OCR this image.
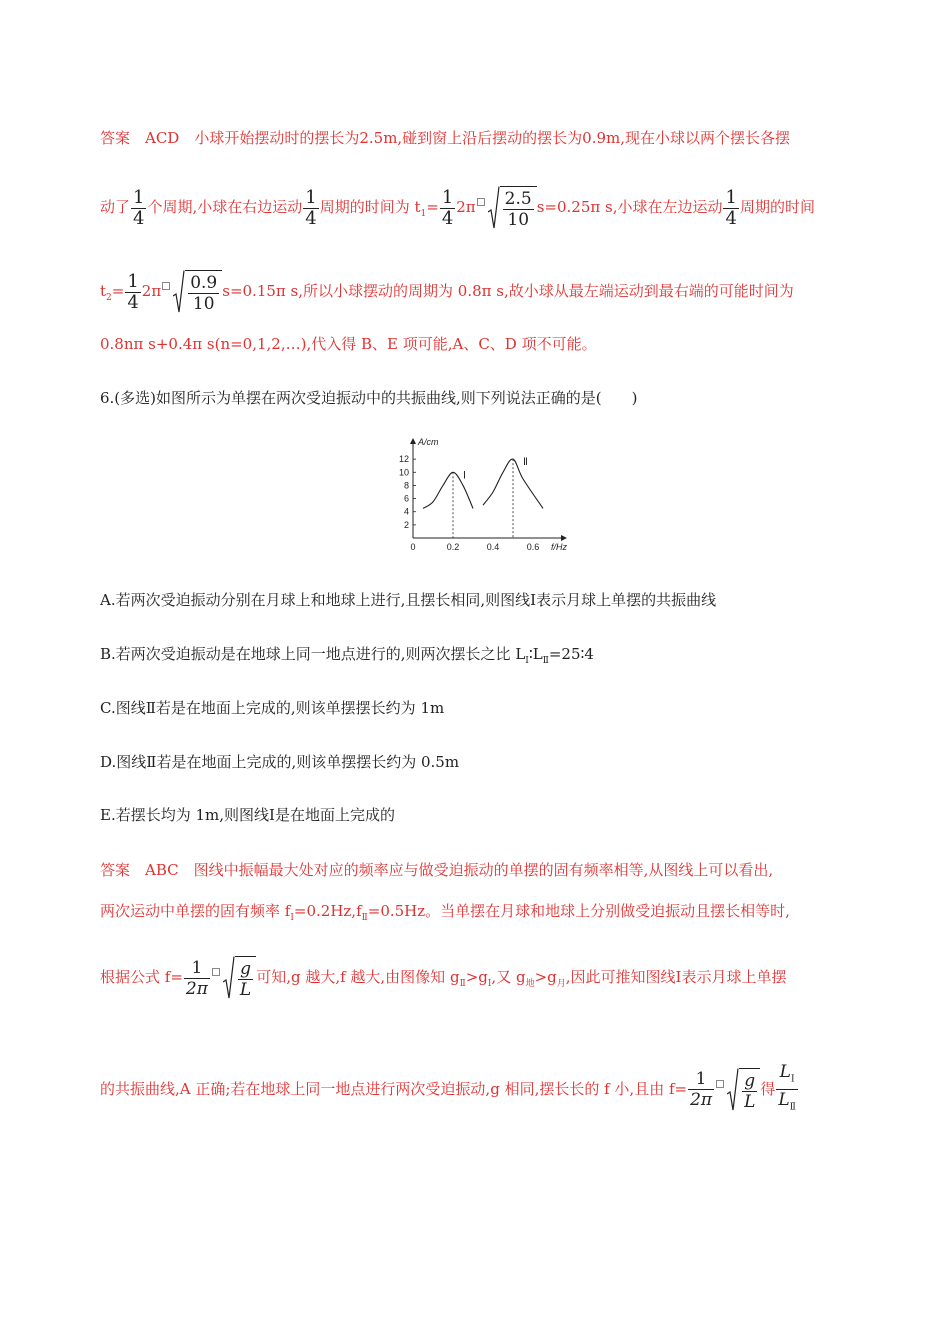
答案　ACD　小球开始摆动时的摆长为2.5m,碰到窗上沿后摆动的摆长为0.9m,现在小球以两个摆长各摆
动了 $\frac{1}{4}$ 个周期,小球在右边运动 $\frac{1}{4}$ 周期的时间为 $t_1= \frac{1}{4} 2\pi \frac{2.5}{10} s=0.25\pi$ s,小球在左边运动 $\frac{1}{4}$ 周期的时间
$t_2= \frac{1}{4} 2\pi \frac{0.9}{10} s=0.15\pi$ s,所以小球摆动的周期为 0.8π s,故小球从最左端运动到最右端的可能时间为
0.8nπ s+0.4π s(n=0,1,2,…),代入得 B、E 项可能,A、C、D 项不可能。
6.(多选)如图所示为单摆在两次受迫振动中的共振曲线,则下列说法正确的是(　　)
A/cm
f/Hz
2
4
6
8
10
12
0	0.2	0.4	0.6
Ⅰ
Ⅱ
A.若两次受迫振动分别在月球上和地球上进行,且摆长相同,则图线Ⅰ表示月球上单摆的共振曲线
B.若两次受迫振动是在地球上同一地点进行的,则两次摆长之比 $L_Ⅰ∶L_Ⅱ=25∶4$
C.图线Ⅱ若是在地面上完成的,则该单摆摆长约为 1m
D.图线Ⅱ若是在地面上完成的,则该单摆摆长约为 0.5m
E.若摆长均为 1m,则图线Ⅰ是在地面上完成的
答案　ABC　图线中振幅最大处对应的频率应与做受迫振动的单摆的固有频率相等,从图线上可以看出,
两次运动中单摆的固有频率 $f_Ⅰ=0.2Hz,f_Ⅱ=0.5Hz$。当单摆在月球和地球上分别做受迫振动且摆长相等时,
根据公式 $f= \frac{1}{2\pi} \frac{g}{L}$ 可知,g 越大,f 越大,由图像知 $g_Ⅱ>g_Ⅰ$,又 $g_地>g_月$,因此可推知图线Ⅰ表示月球上单摆
的共振曲线,A 正确;若在地球上同一地点进行两次受迫振动,g 相同,摆长长的 f 小,且由 $f= \frac{1}{2\pi} \frac{g}{L}$ 得 $\frac{L_Ⅰ}{L_Ⅱ}$
